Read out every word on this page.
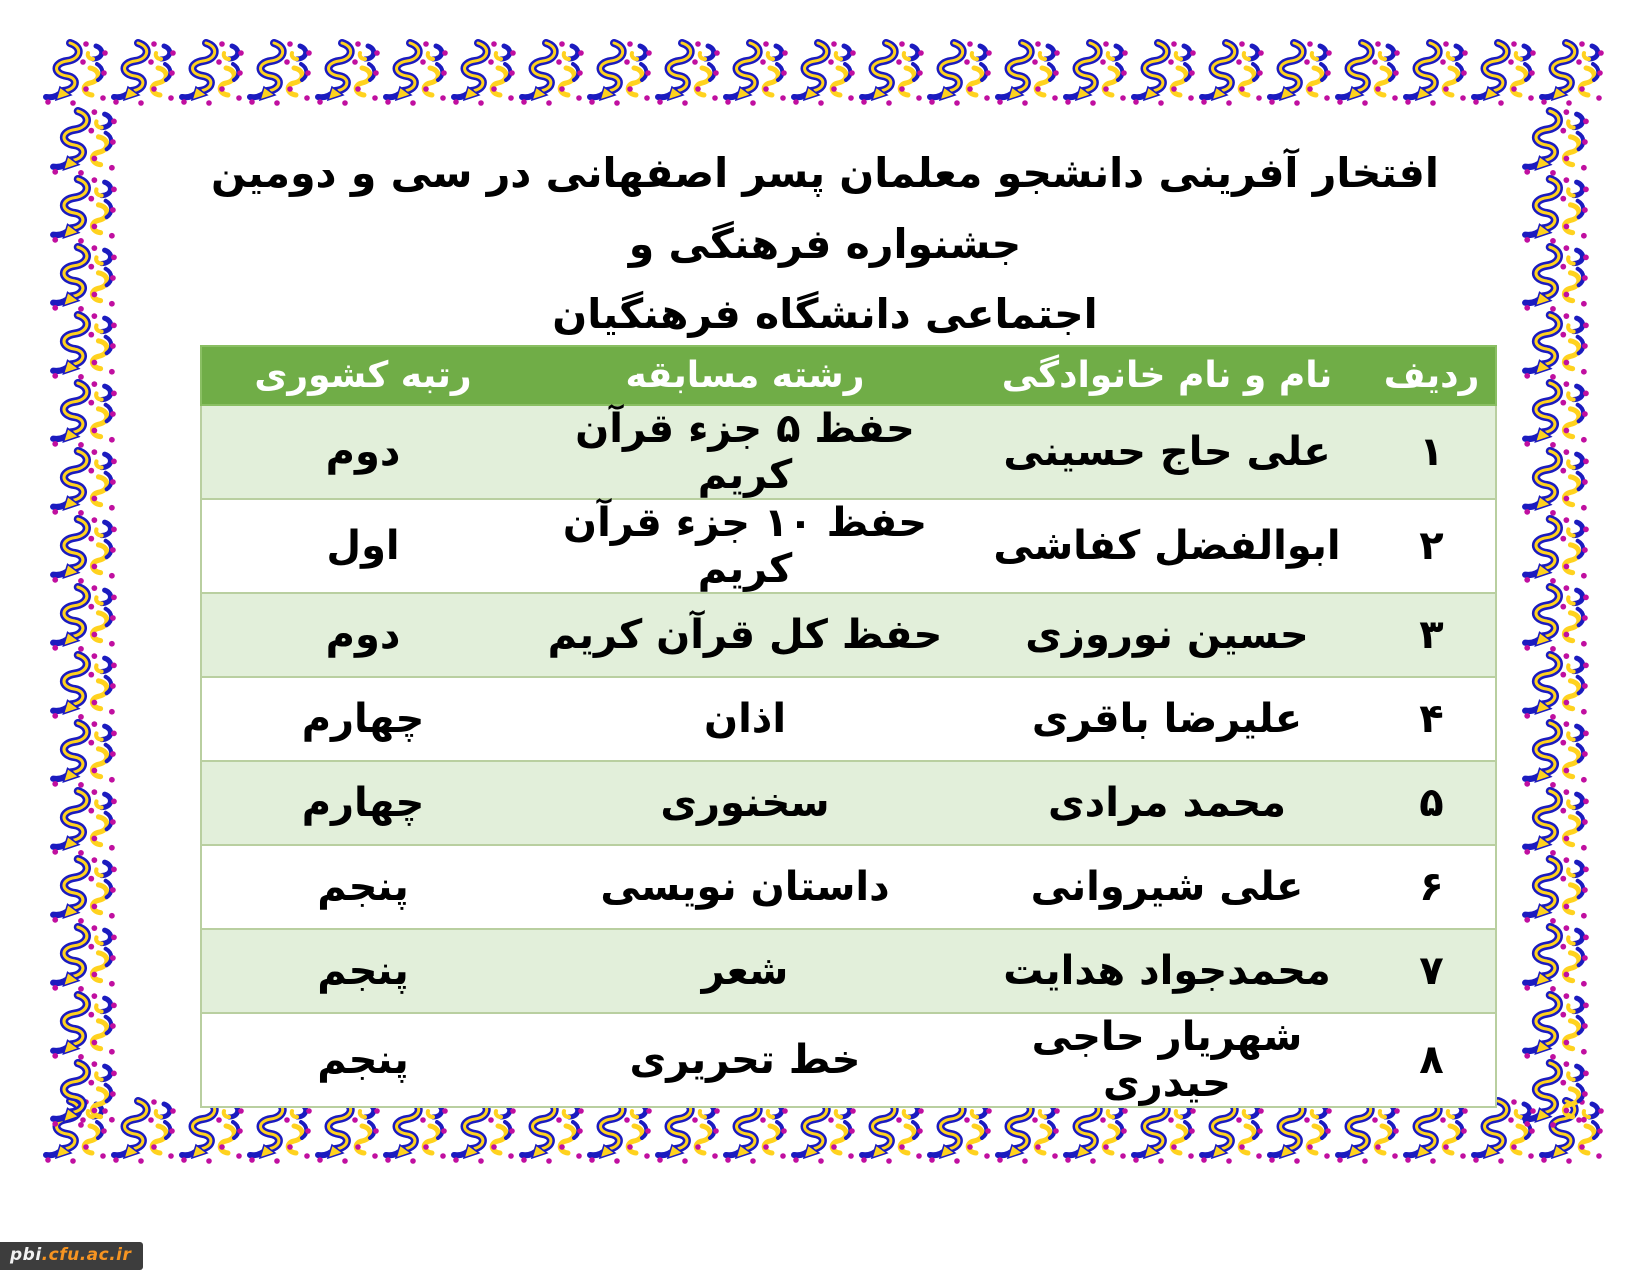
افتخار آفرینی دانشجو معلمان پسر اصفهانی در سی و دومین جشنواره فرهنگی و
اجتماعی دانشگاه فرهنگیان
ردیف	نام و نام خانوادگی	رشته مسابقه	رتبه کشوری
۱	علی حاج حسینی	حفظ ۵ جزء قرآن کریم	دوم
۲	ابوالفضل کفاشی	حفظ ۱۰ جزء قرآن کریم	اول
۳	حسین نوروزی	حفظ کل قرآن کریم	دوم
۴	علیرضا باقری	اذان	چهارم
۵	محمد مرادی	سخنوری	چهارم
۶	علی شیروانی	داستان نویسی	پنجم
۷	محمدجواد هدایت	شعر	پنجم
۸	شهریار حاجی حیدری	خط تحریری	پنجم
pbi.cfu.ac.ir
